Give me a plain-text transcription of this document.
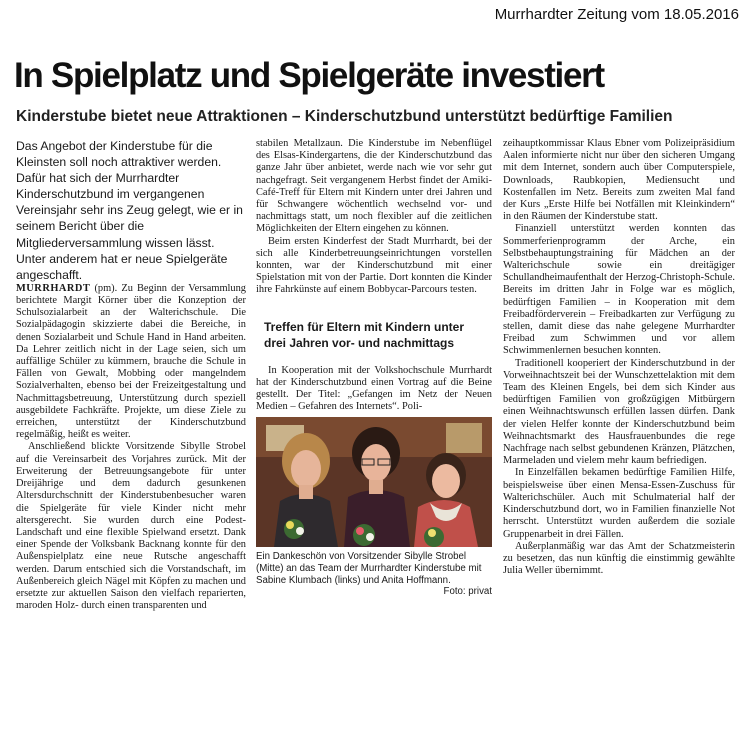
Murrhardter Zeitung vom 18.05.2016
In Spielplatz und Spielgeräte investiert
Kinderstube bietet neue Attraktionen – Kinderschutzbund unterstützt bedürftige Familien

Das Angebot der Kinderstube für die Kleinsten soll noch attraktiver werden. Dafür hat sich der Murrhardter Kinderschutzbund im vergangenen Vereinsjahr sehr ins Zeug gelegt, wie er in seinem Bericht über die Mitgliederversammlung wissen lässt. Unter anderem hat er neue Spielgeräte angeschafft.

MURRHARDT (pm). Zu Beginn der Versammlung berichtete Margit Körner über die Konzeption der Schulsozialarbeit an der Walterichschule. Die Sozialpädagogin skizzierte dabei die Bereiche, in denen Sozialarbeit und Schule Hand in Hand arbeiten. Da Lehrer zeitlich nicht in der Lage seien, sich um auffällige Schüler zu kümmern, brauche die Schule in Fällen von Gewalt, Mobbing oder mangelndem Sozialverhalten, ebenso bei der Freizeitgestaltung und Nachmittagsbetreuung, Unterstützung durch speziell ausgebildete Fachkräfte. Projekte, um diese Ziele zu erreichen, unterstützt der Kinderschutzbund regelmäßig, heißt es weiter.

Anschließend blickte Vorsitzende Sibylle Strobel auf die Vereinsarbeit des Vorjahres zurück. Mit der Erweiterung der Betreuungsangebote für unter Dreijährige und dem dadurch gesunkenen Altersdurchschnitt der Kinderstubenbesucher waren die Spielgeräte für viele Kinder nicht mehr altersgerecht. Sie wurden durch eine Podest-Landschaft und eine flexible Spielwand ersetzt. Dank einer Spende der Volksbank Backnang konnte für den Außenspielplatz eine neue Rutsche angeschafft werden. Darum entschied sich die Vorstandschaft, im Außenbereich gleich Nägel mit Köpfen zu machen und ersetzte zur aktuellen Saison den vielfach reparierten, maroden Holz- durch einen transparenten und

stabilen Metallzaun. Die Kinderstube im Nebenflügel des Elsas-Kindergartens, die der Kinderschutzbund das ganze Jahr über anbietet, werde nach wie vor sehr gut nachgefragt. Seit vergangenem Herbst findet der Amiki-Café-Treff für Eltern mit Kindern unter drei Jahren und für Schwangere wöchentlich wechselnd vor- und nachmittags statt, um noch flexibler auf die zeitlichen Möglichkeiten der Eltern eingehen zu können.

Beim ersten Kinderfest der Stadt Murrhardt, bei der sich alle Kinderbetreuungseinrichtungen vorstellen konnten, war der Kinderschutzbund mit einer Spielstation mit von der Partie. Dort konnten die Kinder ihre Fahrkünste auf einem Bobbycar-Parcours testen.

Treffen für Eltern mit Kindern unter drei Jahren vor- und nachmittags

In Kooperation mit der Volkshochschule Murrhardt hat der Kinderschutzbund einen Vortrag auf die Beine gestellt. Der Titel: „Gefangen im Netz der Neuen Medien – Gefahren des Internets“. Poli-

Ein Dankeschön von Vorsitzender Sibylle Strobel (Mitte) an das Team der Murrhardter Kinderstube mit Sabine Klumbach (links) und Anita Hoffmann.
Foto: privat

zeihauptkommissar Klaus Ebner vom Polizeipräsidium Aalen informierte nicht nur über den sicheren Umgang mit dem Internet, sondern auch über Computerspiele, Downloads, Raubkopien, Mediensucht und Kostenfallen im Netz. Bereits zum zweiten Mal fand der Kurs „Erste Hilfe bei Notfällen mit Kleinkindern“ in den Räumen der Kinderstube statt.

Finanziell unterstützt werden konnten das Sommerferienprogramm der Arche, ein Selbstbehauptungstraining für Mädchen an der Walterichschule sowie ein dreitägiger Schullandheimaufenthalt der Herzog-Christoph-Schule. Bereits im dritten Jahr in Folge war es möglich, bedürftigen Familien – in Kooperation mit dem Freibadförderverein – Freibadkarten zur Verfügung zu stellen, damit diese das nahe gelegene Murrhardter Freibad zum Schwimmen und vor allem Schwimmenlernen besuchen konnten.

Traditionell kooperiert der Kinderschutzbund in der Vorweihnachtszeit bei der Wunschzettelaktion mit dem Team des Kleinen Engels, bei dem sich Kinder aus bedürftigen Familien von großzügigen Mitbürgern einen Weihnachtswunsch erfüllen lassen dürfen. Dank der vielen Helfer konnte der Kinderschutzbund beim Weihnachtsmarkt des Hausfrauenbundes die rege Nachfrage nach selbst gebundenen Kränzen, Plätzchen, Marmeladen und vielem mehr kaum befriedigen.

In Einzelfällen bekamen bedürftige Familien Hilfe, beispielsweise über einen Mensa-Essen-Zuschuss für Walterichschüler. Auch mit Schulmaterial half der Kinderschutzbund dort, wo in Familien finanzielle Not herrscht. Unterstützt wurden außerdem die soziale Gruppenarbeit in drei Fällen.

Außerplanmäßig war das Amt der Schatzmeisterin zu besetzen, das nun künftig die einstimmig gewählte Julia Weller übernimmt.
